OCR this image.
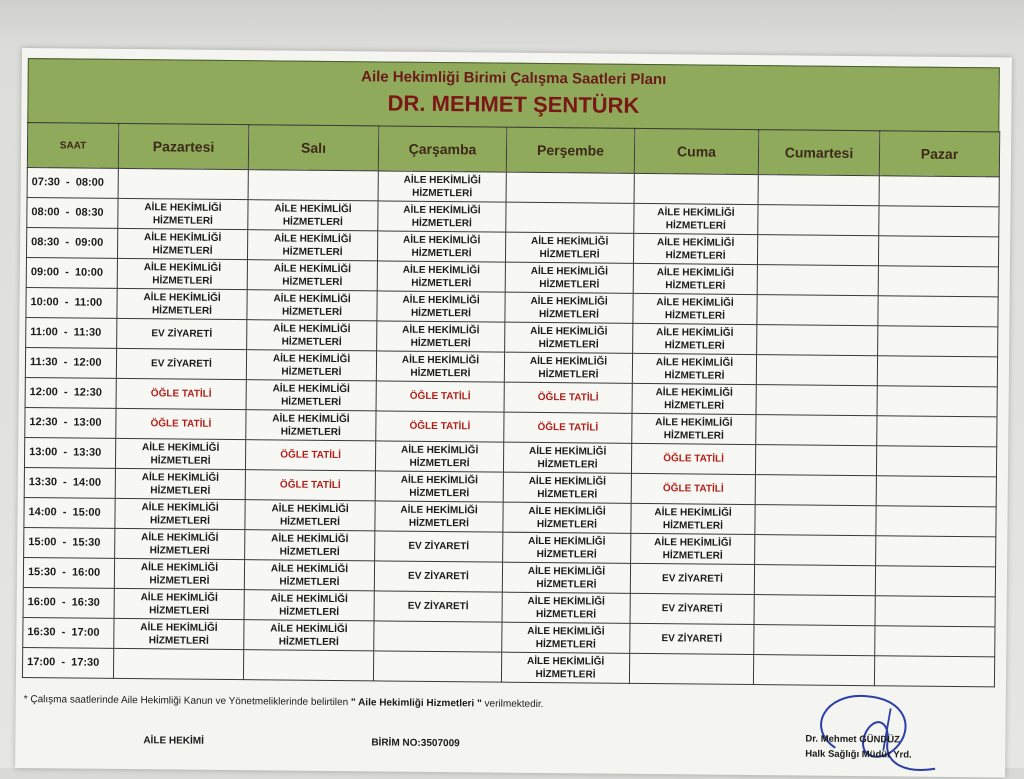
Aile Hekimliği Birimi Çalışma Saatleri Planı
DR. MEHMET ŞENTÜRK
SAAT	Pazartesi	Salı	Çarşamba	Perşembe	Cuma	Cumartesi	Pazar
07:30  -  08:00			AİLE HEKİMLİĞİ HİZMETLERİ				
08:00  -  08:30	AİLE HEKİMLİĞİ HİZMETLERİ	AİLE HEKİMLİĞİ HİZMETLERİ	AİLE HEKİMLİĞİ HİZMETLERİ		AİLE HEKİMLİĞİ HİZMETLERİ		
08:30  -  09:00	AİLE HEKİMLİĞİ HİZMETLERİ	AİLE HEKİMLİĞİ HİZMETLERİ	AİLE HEKİMLİĞİ HİZMETLERİ	AİLE HEKİMLİĞİ HİZMETLERİ	AİLE HEKİMLİĞİ HİZMETLERİ		
09:00  -  10:00	AİLE HEKİMLİĞİ HİZMETLERİ	AİLE HEKİMLİĞİ HİZMETLERİ	AİLE HEKİMLİĞİ HİZMETLERİ	AİLE HEKİMLİĞİ HİZMETLERİ	AİLE HEKİMLİĞİ HİZMETLERİ		
10:00  -  11:00	AİLE HEKİMLİĞİ HİZMETLERİ	AİLE HEKİMLİĞİ HİZMETLERİ	AİLE HEKİMLİĞİ HİZMETLERİ	AİLE HEKİMLİĞİ HİZMETLERİ	AİLE HEKİMLİĞİ HİZMETLERİ		
11:00  -  11:30	EV ZİYARETİ	AİLE HEKİMLİĞİ HİZMETLERİ	AİLE HEKİMLİĞİ HİZMETLERİ	AİLE HEKİMLİĞİ HİZMETLERİ	AİLE HEKİMLİĞİ HİZMETLERİ		
11:30  -  12:00	EV ZİYARETİ	AİLE HEKİMLİĞİ HİZMETLERİ	AİLE HEKİMLİĞİ HİZMETLERİ	AİLE HEKİMLİĞİ HİZMETLERİ	AİLE HEKİMLİĞİ HİZMETLERİ		
12:00  -  12:30	ÖĞLE TATİLİ	AİLE HEKİMLİĞİ HİZMETLERİ	ÖĞLE TATİLİ	ÖĞLE TATİLİ	AİLE HEKİMLİĞİ HİZMETLERİ		
12:30  -  13:00	ÖĞLE TATİLİ	AİLE HEKİMLİĞİ HİZMETLERİ	ÖĞLE TATİLİ	ÖĞLE TATİLİ	AİLE HEKİMLİĞİ HİZMETLERİ		
13:00  -  13:30	AİLE HEKİMLİĞİ HİZMETLERİ	ÖĞLE TATİLİ	AİLE HEKİMLİĞİ HİZMETLERİ	AİLE HEKİMLİĞİ HİZMETLERİ	ÖĞLE TATİLİ		
13:30  -  14:00	AİLE HEKİMLİĞİ HİZMETLERİ	ÖĞLE TATİLİ	AİLE HEKİMLİĞİ HİZMETLERİ	AİLE HEKİMLİĞİ HİZMETLERİ	ÖĞLE TATİLİ		
14:00  -  15:00	AİLE HEKİMLİĞİ HİZMETLERİ	AİLE HEKİMLİĞİ HİZMETLERİ	AİLE HEKİMLİĞİ HİZMETLERİ	AİLE HEKİMLİĞİ HİZMETLERİ	AİLE HEKİMLİĞİ HİZMETLERİ		
15:00  -  15:30	AİLE HEKİMLİĞİ HİZMETLERİ	AİLE HEKİMLİĞİ HİZMETLERİ	EV ZİYARETİ	AİLE HEKİMLİĞİ HİZMETLERİ	AİLE HEKİMLİĞİ HİZMETLERİ		
15:30  -  16:00	AİLE HEKİMLİĞİ HİZMETLERİ	AİLE HEKİMLİĞİ HİZMETLERİ	EV ZİYARETİ	AİLE HEKİMLİĞİ HİZMETLERİ	EV ZİYARETİ		
16:00  -  16:30	AİLE HEKİMLİĞİ HİZMETLERİ	AİLE HEKİMLİĞİ HİZMETLERİ	EV ZİYARETİ	AİLE HEKİMLİĞİ HİZMETLERİ	EV ZİYARETİ		
16:30  -  17:00	AİLE HEKİMLİĞİ HİZMETLERİ	AİLE HEKİMLİĞİ HİZMETLERİ		AİLE HEKİMLİĞİ HİZMETLERİ	EV ZİYARETİ		
17:00  -  17:30				AİLE HEKİMLİĞİ HİZMETLERİ			
* Çalışma saatlerinde Aile Hekimliği Kanun ve Yönetmeliklerinde belirtilen " Aile Hekimliği Hizmetleri " verilmektedir.
AİLE HEKİMİ	BİRİM NO:3507009	Dr. Mehmet GÜNDÜZ
Halk Sağlığı Müdür Yrd.
